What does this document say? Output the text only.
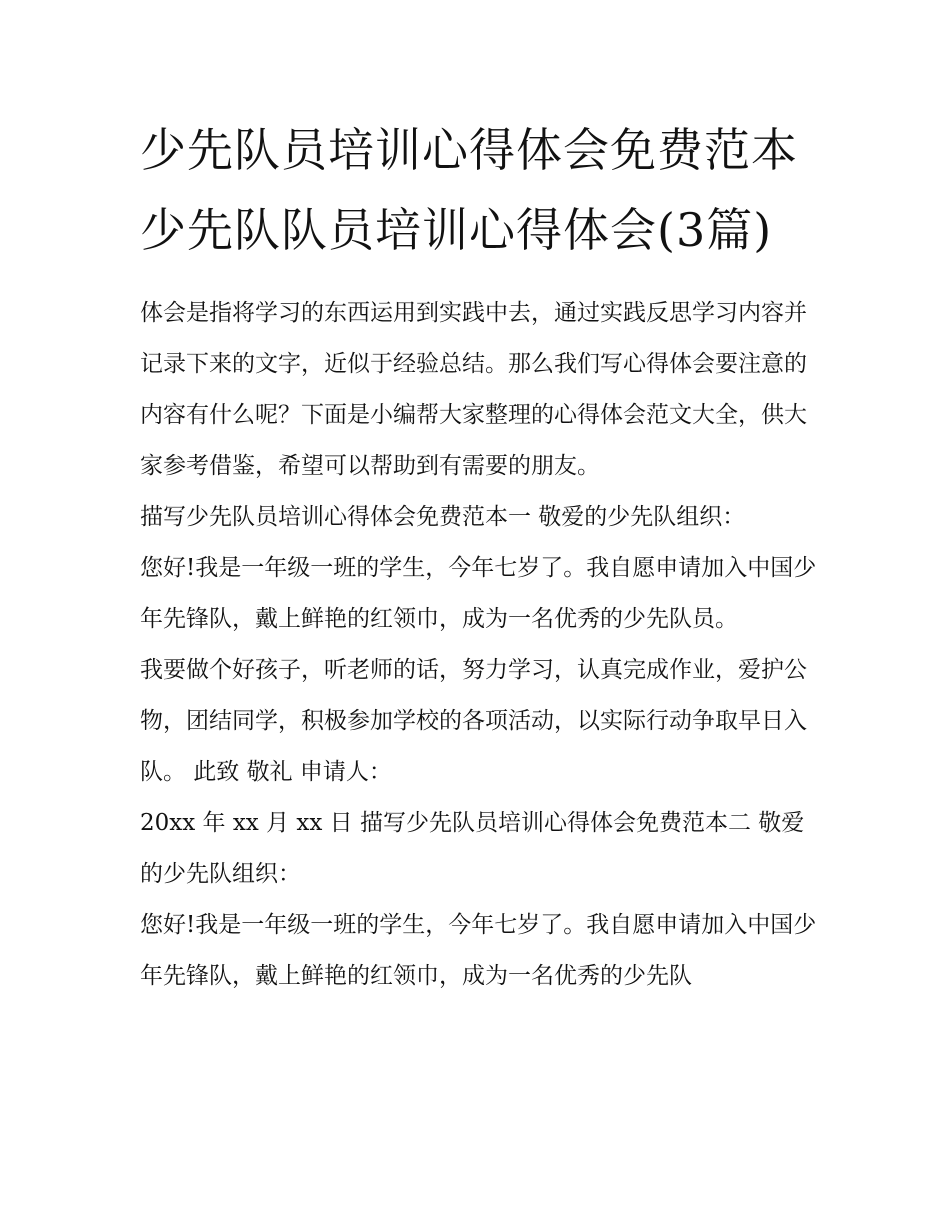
少先队员培训心得体会免费范本 少先队队员培训心得体会(3篇)

体会是指将学习的东西运用到实践中去，通过实践反思学习内容并记录下来的文字，近似于经验总结。那么我们写心得体会要注意的内容有什么呢？下面是小编帮大家整理的心得体会范文大全，供大家参考借鉴，希望可以帮助到有需要的朋友。

描写少先队员培训心得体会免费范本一 敬爱的少先队组织：

您好!我是一年级一班的学生，今年七岁了。我自愿申请加入中国少年先锋队，戴上鲜艳的红领巾，成为一名优秀的少先队员。

我要做个好孩子，听老师的话，努力学习，认真完成作业，爱护公物，团结同学，积极参加学校的各项活动，以实际行动争取早日入队。 此致 敬礼 申请人：

20xx 年 xx 月 xx 日 描写少先队员培训心得体会免费范本二 敬爱的少先队组织：

您好!我是一年级一班的学生，今年七岁了。我自愿申请加入中国少年先锋队，戴上鲜艳的红领巾，成为一名优秀的少先队
